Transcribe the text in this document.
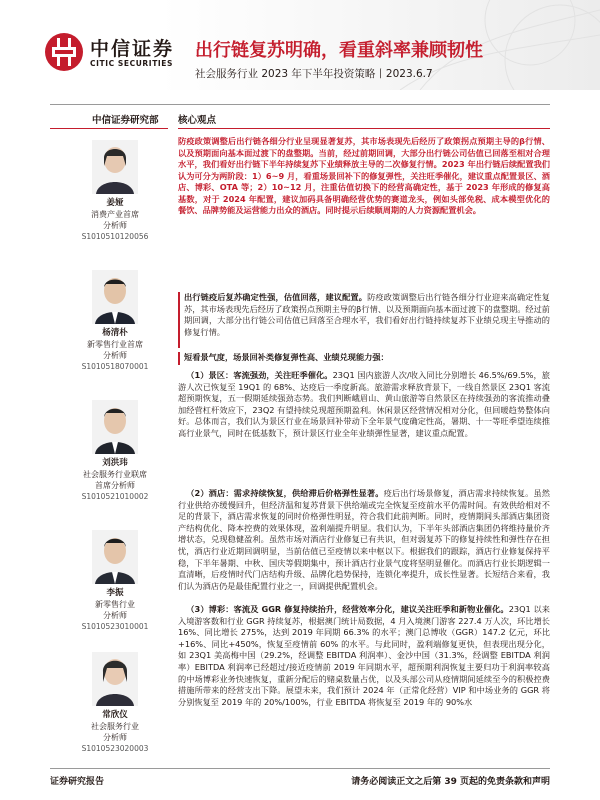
中信证券
CITIC SECURITIES
出行链复苏明确，看重斜率兼顾韧性
社会服务行业 2023 年下半年投资策略丨2023.6.7
中信证券研究部 核心观点
姜娅
消费产业首席
分析师
S1010510120056
杨清朴
新零售行业首席
分析师
S1010518070001
刘洪玮
社会服务行业联席
首席分析师
S1010521010002
李振
新零售行业
分析师
S1010523010001
常欣仪
社会服务行业
分析师
S1010523020003
防疫政策调整后出行链各细分行业呈现显著复苏，其市场表现先后经历了政策拐点预期主导的β行情、以及预期面向基本面过渡下的盘整期。当前，经过前期回调，大部分出行链公司估值已回落至相对合理水平，我们看好出行链下半年持续复苏下业绩释放主导的二次修复行情。2023 年出行链后续配置我们认为可分为两阶段：1）6~9 月，看重场景回补下的修复弹性，关注旺季催化，建议重点配置景区、酒店、博彩、OTA 等；2）10~12 月，注重估值切换下的经营高确定性，基于 2023 年形成的修复高基数，对于 2024 年配置，建议加码具备明确经营优势的赛道龙头，例如头部免税、成本模型优化的餐饮、品牌势能及运营能力出众的酒店。同时提示后续顺周期的人力资源配置机会。
出行链疫后复苏确定性强，估值回落，建议配置。防疫政策调整后出行链各细分行业迎来高确定性复苏，其市场表现先后经历了政策拐点预期主导的β行情、以及预期面向基本面过渡下的盘整期。经过前期回调，大部分出行链公司估值已回落至合理水平，我们看好出行链持续复苏下业绩兑现主导推动的修复行情。
短看景气度，场景回补类修复弹性高、业绩兑现能力强：
（1）景区：客流强劲，关注旺季催化。23Q1 国内旅游人次/收入同比分别增长 46.5%/69.5%，旅游人次已恢复至 19Q1 的 68%、达疫后一季度新高。旅游需求释放背景下，一线自然景区 23Q1 客流超预期恢复，五一假期延续强劲态势。我们判断峨眉山、黄山旅游等自然景区在持续强劲的客流推动叠加经营杠杆效应下，23Q2 有望持续兑现超预期盈利。休闲景区经营情况相对分化，但回暖趋势整体向好。总体而言，我们认为景区行业在场景回补带动下全年景气度确定性高，暑期、十一等旺季望连续推高行业景气，同时在低基数下，预计景区行业全年业绩弹性显著，建议重点配置。
（2）酒店：需求持续恢复，供给滞后价格弹性显著。疫后出行场景修复，酒店需求持续恢复。虽然行业供给亦缓慢回升，但经济温和复苏背景下供给端或完全恢复至疫前水平仍需时间。有效供给相对不足的背景下，酒店需求恢复的同时价格弹性明显，符合我们此前判断。同时，疫情期间头部酒店集团资产结构优化、降本控费的效果体现，盈利端提升明显。我们认为，下半年头部酒店集团仍将维持量价齐增状态，兑现稳健盈利。虽然市场对酒店行业修复已有共识，但对弱复苏下的修复持续性和弹性存在担忧，酒店行业近期回调明显，当前估值已至疫情以来中枢以下。根据我们的跟踪，酒店行业修复保持平稳，下半年暑期、中秋、国庆等假期集中，预计酒店行业景气度将坚明显催化。而酒店行业长期逻辑一直清晰，后疫情时代门店结构升级、品牌化趋势保持，连锁化率提升，成长性显著。长短结合来看，我们认为酒店仍是最佳配置行业之一，回调提供配置机会。
（3）博彩：客流及 GGR 修复持续抬升，经营效率分化，建议关注旺季和新物业催化。23Q1 以来入境游客数和行业 GGR 持续复苏，根据澳门统计局数据，4 月入境澳门游客 227.4 万人次，环比增长 16%、同比增长 275%，达到 2019 年同期 66.3% 的水平；澳门总博收（GGR）147.2 亿元，环比+16%、同比+450%，恢复至疫情前 60% 的水平。与此同时，盈利端修复更快，但表现出现分化，如 23Q1 美高梅中国（29.2%，经调整 EBITDA 利润率）、金沙中国（31.3%，经调整 EBITDA 利润率）EBITDA 利润率已经超过/接近疫情前 2019 年同期水平，超预期利润恢复主要归功于利润率较高的中场博彩业务快速恢复，重新分配后的赌桌数量占优，以及头部公司从疫情期间延续至今的积极控费措施所带来的经营支出下降。展望未来，我们预计 2024 年（正常化经营）VIP 和中场业务的 GGR 将分别恢复至 2019 年的 20%/100%，行业 EBITDA 将恢复至 2019 年的 90%水
证券研究报告	请务必阅读正文之后第 39 页起的免责条款和声明
